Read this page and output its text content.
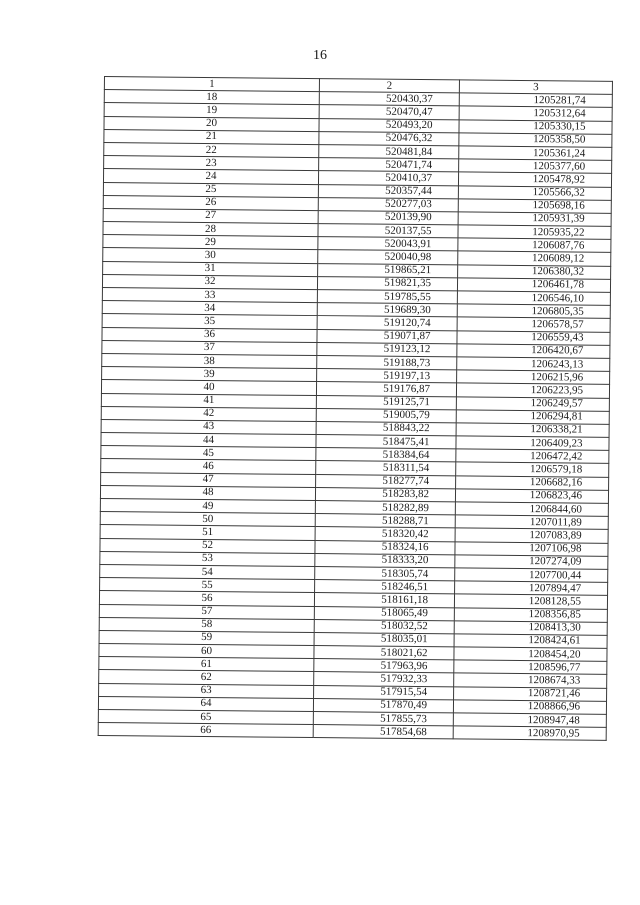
16
1	2	3
18	520430,37	1205281,74
19	520470,47	1205312,64
20	520493,20	1205330,15
21	520476,32	1205358,50
22	520481,84	1205361,24
23	520471,74	1205377,60
24	520410,37	1205478,92
25	520357,44	1205566,32
26	520277,03	1205698,16
27	520139,90	1205931,39
28	520137,55	1205935,22
29	520043,91	1206087,76
30	520040,98	1206089,12
31	519865,21	1206380,32
32	519821,35	1206461,78
33	519785,55	1206546,10
34	519689,30	1206805,35
35	519120,74	1206578,57
36	519071,87	1206559,43
37	519123,12	1206420,67
38	519188,73	1206243,13
39	519197,13	1206215,96
40	519176,87	1206223,95
41	519125,71	1206249,57
42	519005,79	1206294,81
43	518843,22	1206338,21
44	518475,41	1206409,23
45	518384,64	1206472,42
46	518311,54	1206579,18
47	518277,74	1206682,16
48	518283,82	1206823,46
49	518282,89	1206844,60
50	518288,71	1207011,89
51	518320,42	1207083,89
52	518324,16	1207106,98
53	518333,20	1207274,09
54	518305,74	1207700,44
55	518246,51	1207894,47
56	518161,18	1208128,55
57	518065,49	1208356,85
58	518032,52	1208413,30
59	518035,01	1208424,61
60	518021,62	1208454,20
61	517963,96	1208596,77
62	517932,33	1208674,33
63	517915,54	1208721,46
64	517870,49	1208866,96
65	517855,73	1208947,48
66	517854,68	1208970,95
